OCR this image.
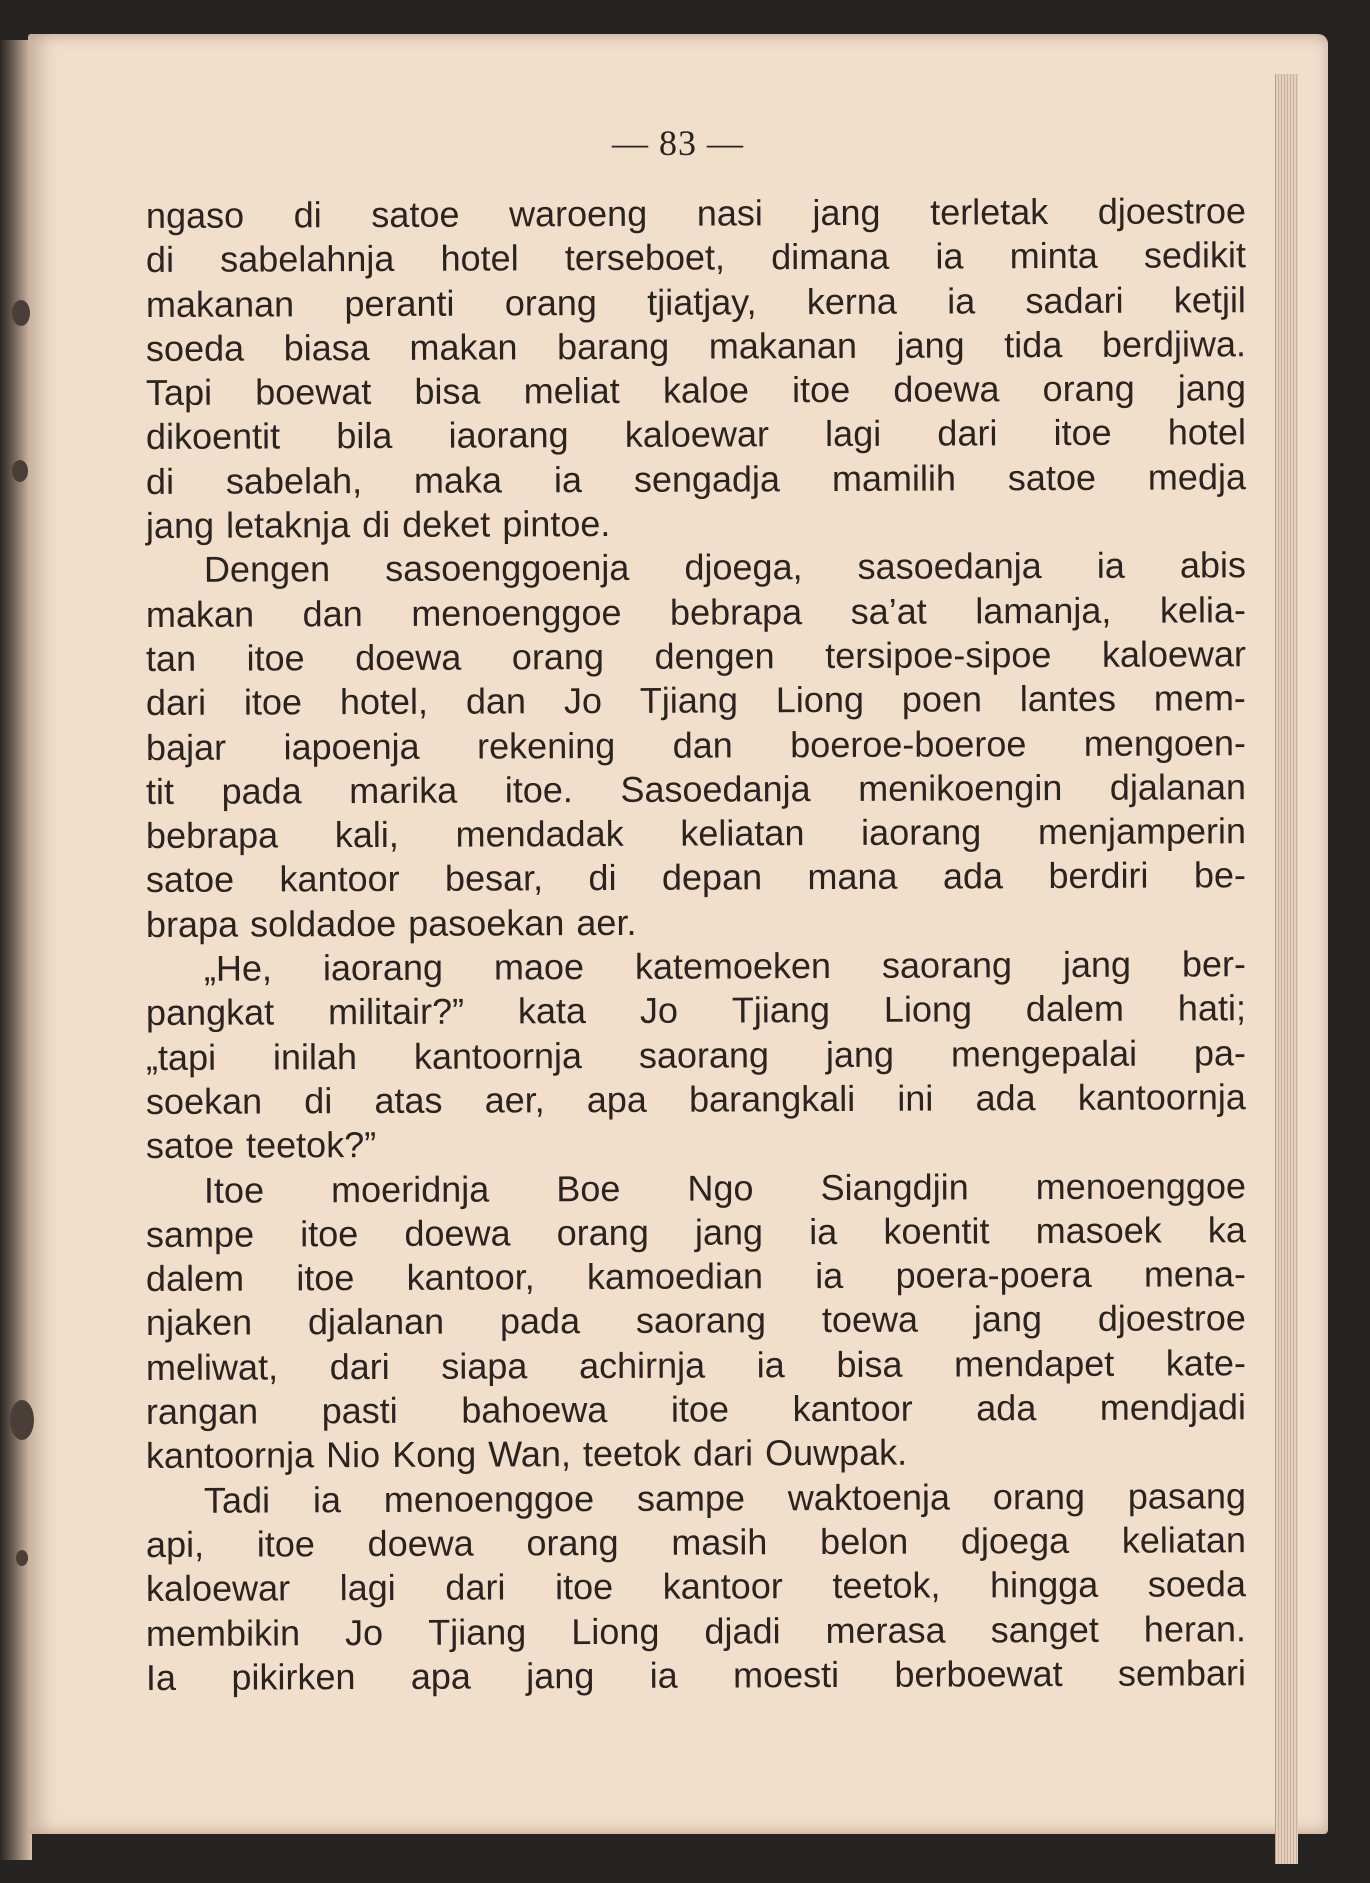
— 83 —
ngaso di satoe waroeng nasi jang terletak djoestroe
di sabelahnja hotel terseboet, dimana ia minta sedikit
makanan peranti orang tjiatjay, kerna ia sadari ketjil
soeda biasa makan barang makanan jang tida berdjiwa.
Tapi boewat bisa meliat kaloe itoe doewa orang jang
dikoentit bila iaorang kaloewar lagi dari itoe hotel
di sabelah, maka ia sengadja mamilih satoe medja
jang letaknja di deket pintoe.
Dengen sasoenggoenja djoega, sasoedanja ia abis
makan dan menoenggoe bebrapa sa’at lamanja, kelia-
tan itoe doewa orang dengen tersipoe-sipoe kaloewar
dari itoe hotel, dan Jo Tjiang Liong poen lantes mem-
bajar iapoenja rekening dan boeroe-boeroe mengoen-
tit pada marika itoe. Sasoedanja menikoengin djalanan
bebrapa kali, mendadak keliatan iaorang menjamperin
satoe kantoor besar, di depan mana ada berdiri be-
brapa soldadoe pasoekan aer.
„He, iaorang maoe katemoeken saorang jang ber-
pangkat militair?” kata Jo Tjiang Liong dalem hati;
„tapi inilah kantoornja saorang jang mengepalai pa-
soekan di atas aer, apa barangkali ini ada kantoornja
satoe teetok?”
Itoe moeridnja Boe Ngo Siangdjin menoenggoe
sampe itoe doewa orang jang ia koentit masoek ka
dalem itoe kantoor, kamoedian ia poera-poera mena-
njaken djalanan pada saorang toewa jang djoestroe
meliwat, dari siapa achirnja ia bisa mendapet kate-
rangan pasti bahoewa itoe kantoor ada mendjadi
kantoornja Nio Kong Wan, teetok dari Ouwpak.
Tadi ia menoenggoe sampe waktoenja orang pasang
api, itoe doewa orang masih belon djoega keliatan
kaloewar lagi dari itoe kantoor teetok, hingga soeda
membikin Jo Tjiang Liong djadi merasa sanget heran.
Ia pikirken apa jang ia moesti berboewat sembari
